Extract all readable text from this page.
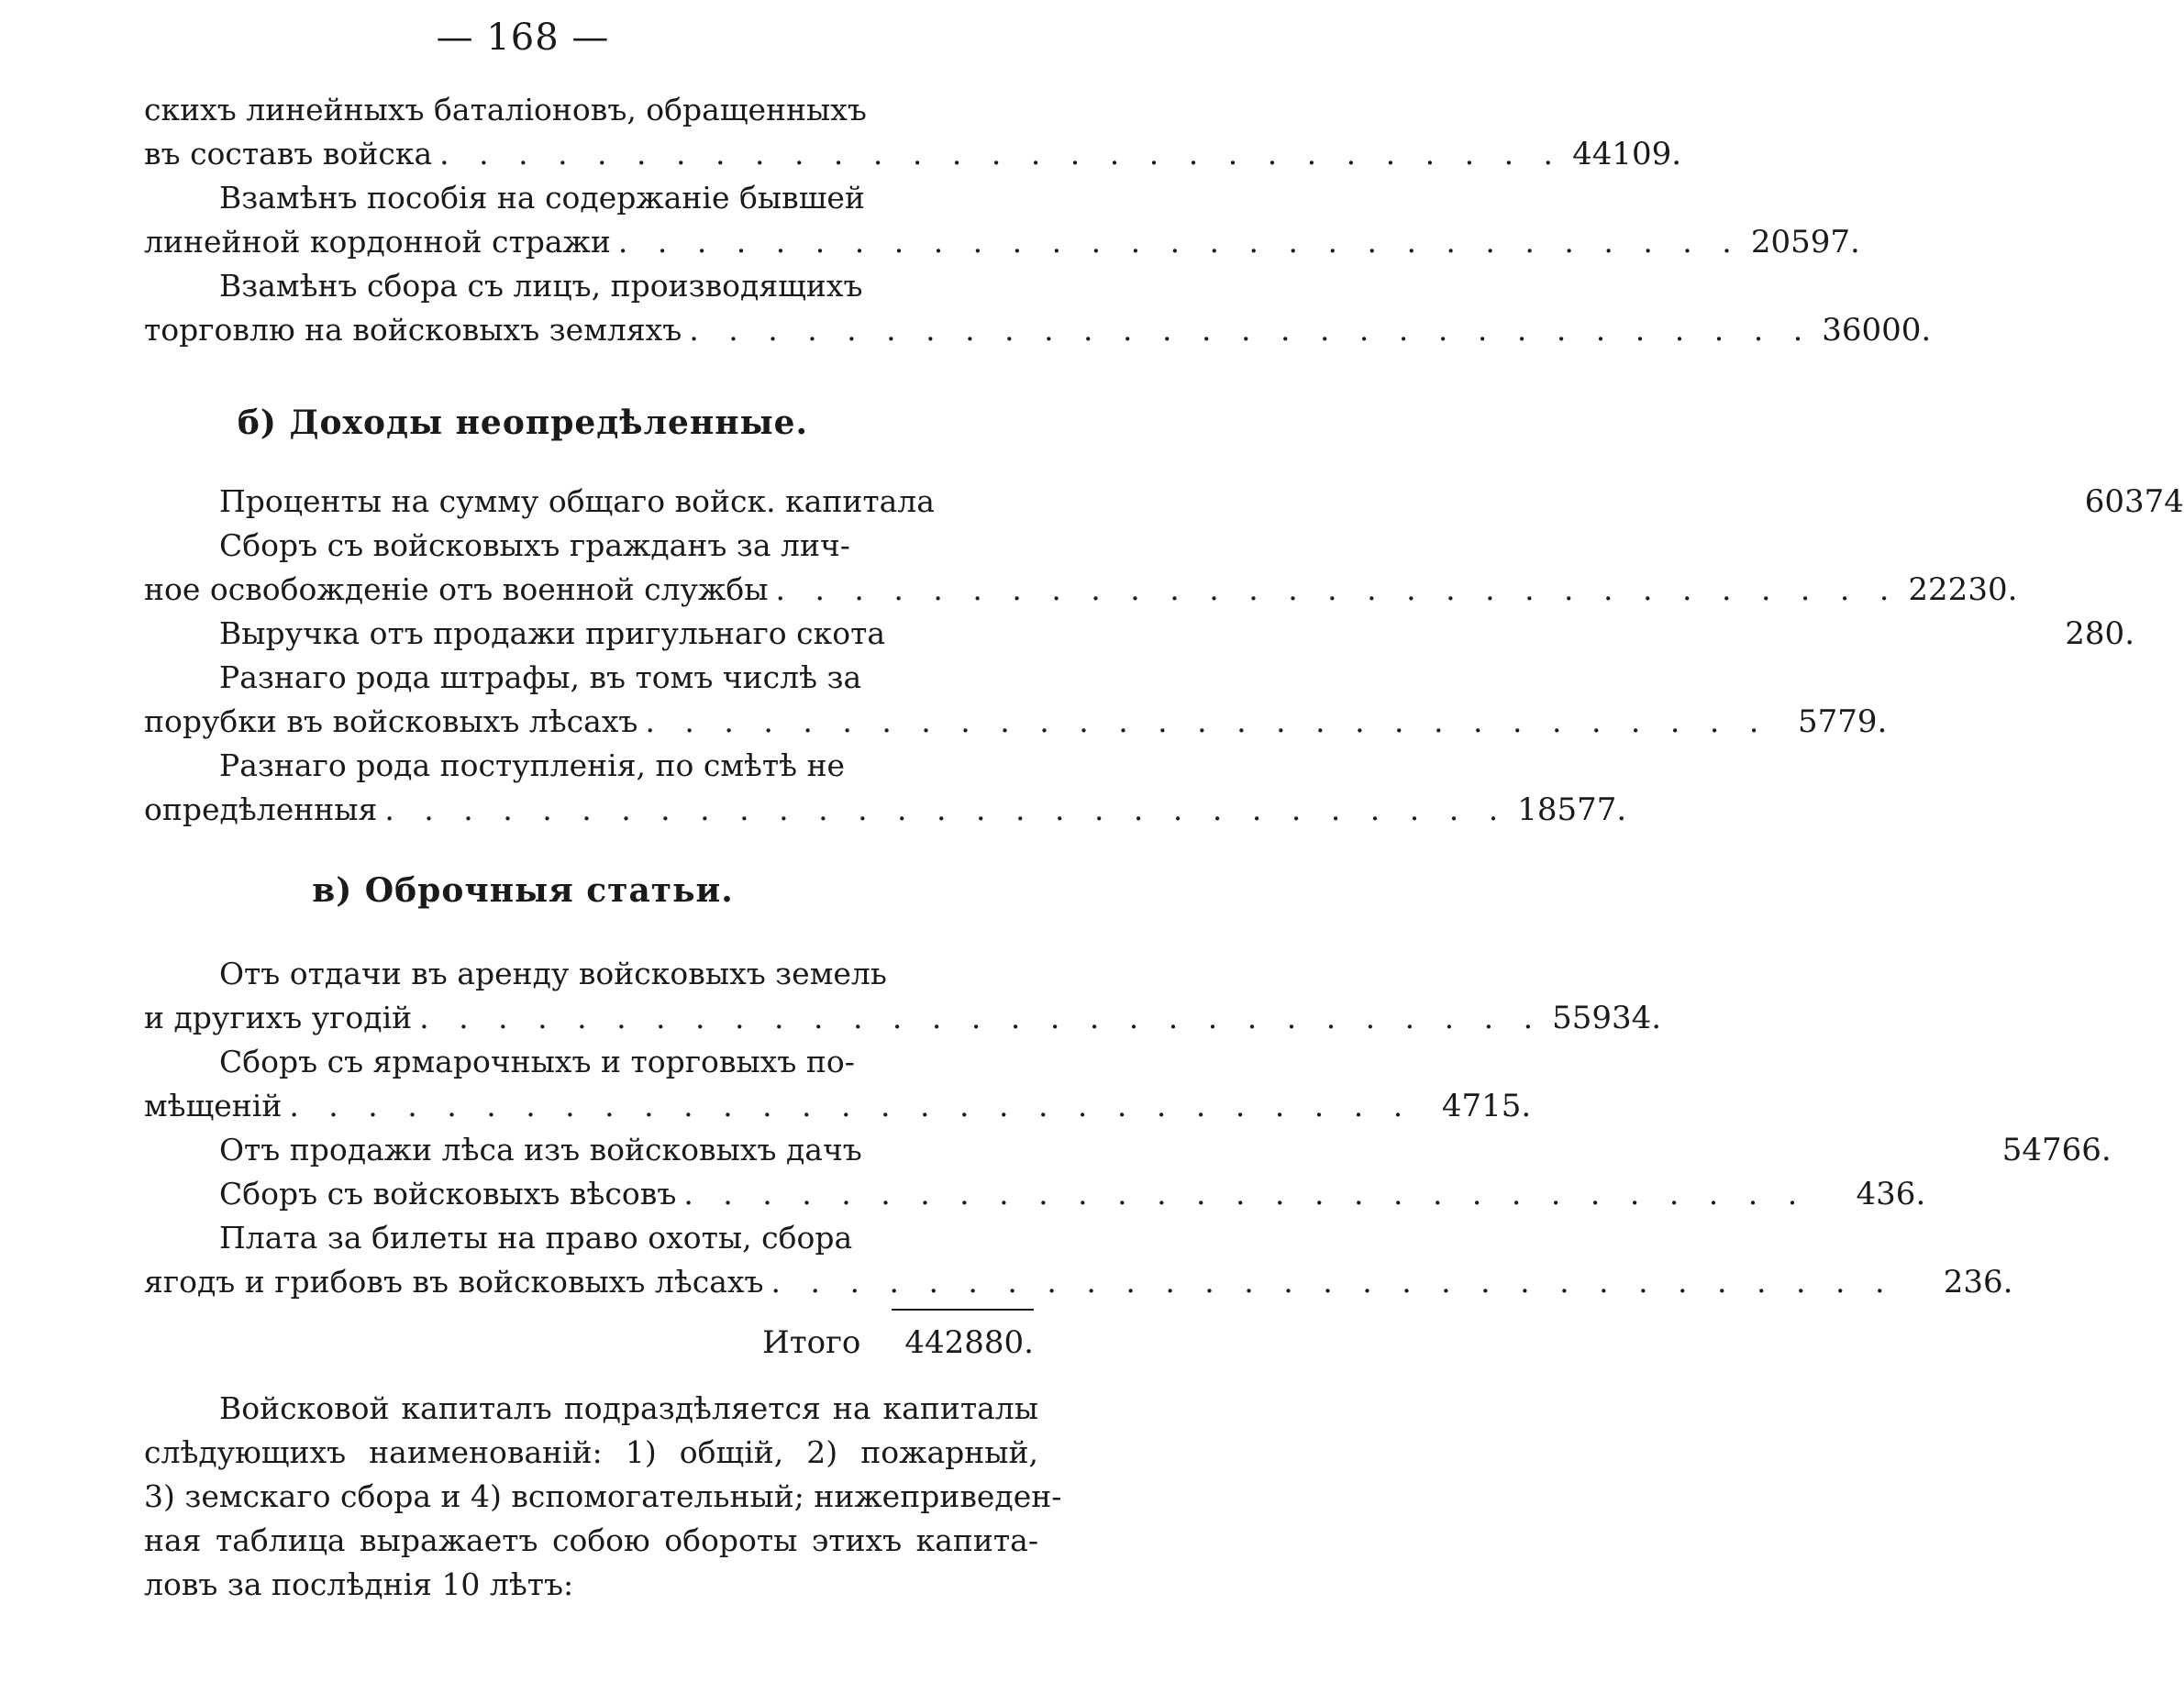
— 168 —
скихъ линейныхъ баталіоновъ, обращенныхъ
въ составъ войска . . .	44109.
Взамѣнъ пособія на содержаніе бывшей
линейной кордонной стражи . . .	20597.
Взамѣнъ сбора съ лицъ, производящихъ
торговлю на войсковыхъ земляхъ . . .	36000.
б) Доходы неопредѣленные.
Проценты на сумму общаго войск. капитала	60374
Сборъ съ войсковыхъ гражданъ за лич-
ное освобожденіе отъ военной службы . . .	22230.
Выручка отъ продажи пригульнаго скота	280.
Разнаго рода штрафы, въ томъ числѣ за
порубки въ войсковыхъ лѣсахъ . . .	5779.
Разнаго рода поступленія, по смѣтѣ не
опредѣленныя . . .	18577.
в) Оброчныя статьи.
Отъ отдачи въ аренду войсковыхъ земель
и другихъ угодій . . .	55934.
Сборъ съ ярмарочныхъ и торговыхъ по-
мѣщеній . . .	4715.
Отъ продажи лѣса изъ войсковыхъ дачъ	54766.
Сборъ съ войсковыхъ вѣсовъ . . .	436.
Плата за билеты на право охоты, сбора
ягодъ и грибовъ въ войсковыхъ лѣсахъ . . .	236.
Итого 442880.
Войсковой капиталъ подраздѣляется на капиталы
слѣдующихъ наименованій: 1) общій, 2) пожарный,
3) земскаго сбора и 4) вспомогательный; нижеприведен-
ная таблица выражаетъ собою обороты этихъ капита-
ловъ за послѣднія 10 лѣтъ:
